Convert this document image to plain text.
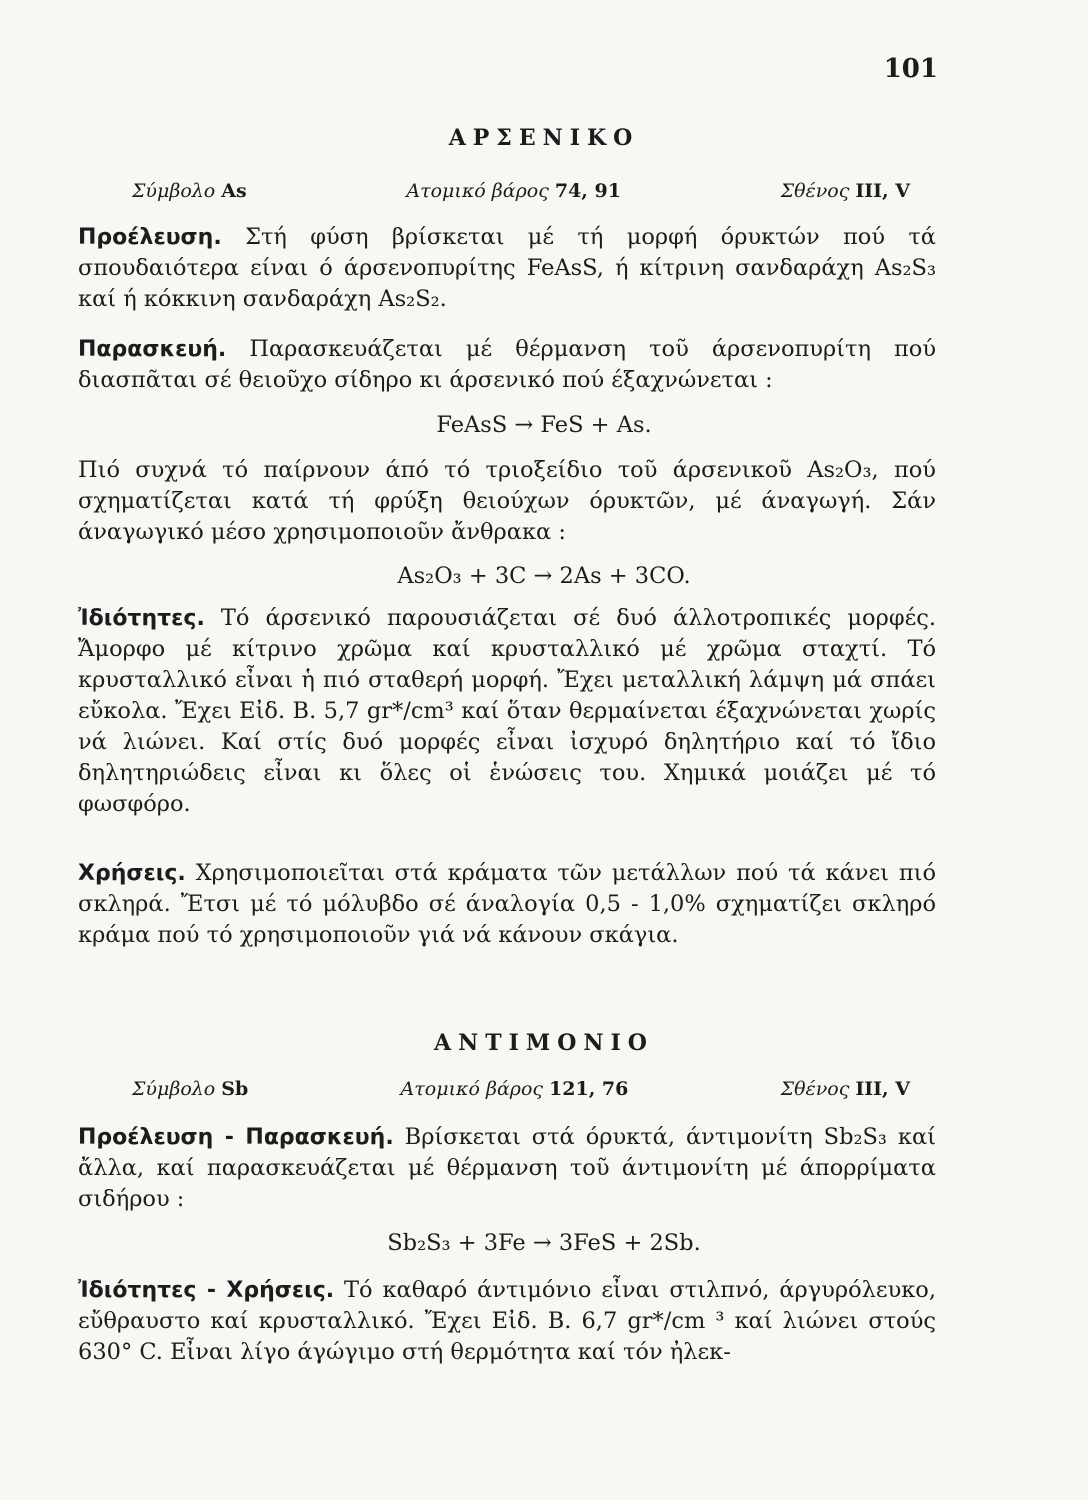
101
ΑΡΣΕΝΙΚΟ
Σύμβολο As	Ατομικό βάρος 74, 91	Σθένος III, V

Προέλευση. Στή φύση βρίσκεται μέ τή μορφή όρυκτών πού τά σπουδαιότερα είναι ό άρσενοπυρίτης FeAsS, ή κίτρινη σανδαράχη As₂S₃ καί ή κόκκινη σανδαράχη As₂S₂.

Παρασκευή. Παρασκευάζεται μέ θέρμανση τοῦ άρσενοπυρίτη πού διασπᾶται σέ θειοῦχο σίδηρο κι άρσενικό πού έξαχνώνεται :

FeAsS → FeS + As.

Πιό συχνά τό παίρνουν άπό τό τριοξείδιο τοῦ άρσενικοῦ As₂O₃, πού σχηματίζεται κατά τή φρύξη θειούχων όρυκτῶν, μέ άναγωγή. Σάν άναγωγικό μέσο χρησιμοποιοῦν ἄνθρακα :

As₂O₃ + 3C → 2As + 3CO.

Ἰδιότητες. Τό άρσενικό παρουσιάζεται σέ δυό άλλοτροπικές μορφές. Ἄμορφο μέ κίτρινο χρῶμα καί κρυσταλλικό μέ χρῶμα σταχτί. Τό κρυσταλλικό εἶναι ἡ πιό σταθερή μορφή. Ἔχει μεταλλική λάμψη μά σπάει εὔκολα. Ἔχει Εἰδ. Β. 5,7 gr*/cm³ καί ὅταν θερμαίνεται έξαχνώνεται χωρίς νά λιώνει. Καί στίς δυό μορφές εἶναι ἰσχυρό δηλητήριο καί τό ἴδιο δηλητηριώδεις εἶναι κι ὅλες οἱ ἑνώσεις του. Χημικά μοιάζει μέ τό φωσφόρο.

Χρήσεις. Χρησιμοποιεῖται στά κράματα τῶν μετάλλων πού τά κάνει πιό σκληρά. Ἔτσι μέ τό μόλυβδο σέ άναλογία 0,5 - 1,0% σχηματίζει σκληρό κράμα πού τό χρησιμοποιοῦν γιά νά κάνουν σκάγια.

ΑΝΤΙΜΟΝΙΟ
Σύμβολο Sb	Ατομικό βάρος 121, 76	Σθένος III, V

Προέλευση - Παρασκευή. Βρίσκεται στά όρυκτά, άντιμονίτη Sb₂S₃ καί ἄλλα, καί παρασκευάζεται μέ θέρμανση τοῦ άντιμονίτη μέ άπορρίματα σιδήρου :

Sb₂S₃ + 3Fe → 3FeS + 2Sb.

Ἰδιότητες - Χρήσεις. Τό καθαρό άντιμόνιο εἶναι στιλπνό, άργυρόλευκο, εὔθραυστο καί κρυσταλλικό. Ἔχει Εἰδ. Β. 6,7 gr*/cm ³ καί λιώνει στούς 630° C. Εἶναι λίγο άγώγιμο στή θερμότητα καί τόν ἠλεκ-
